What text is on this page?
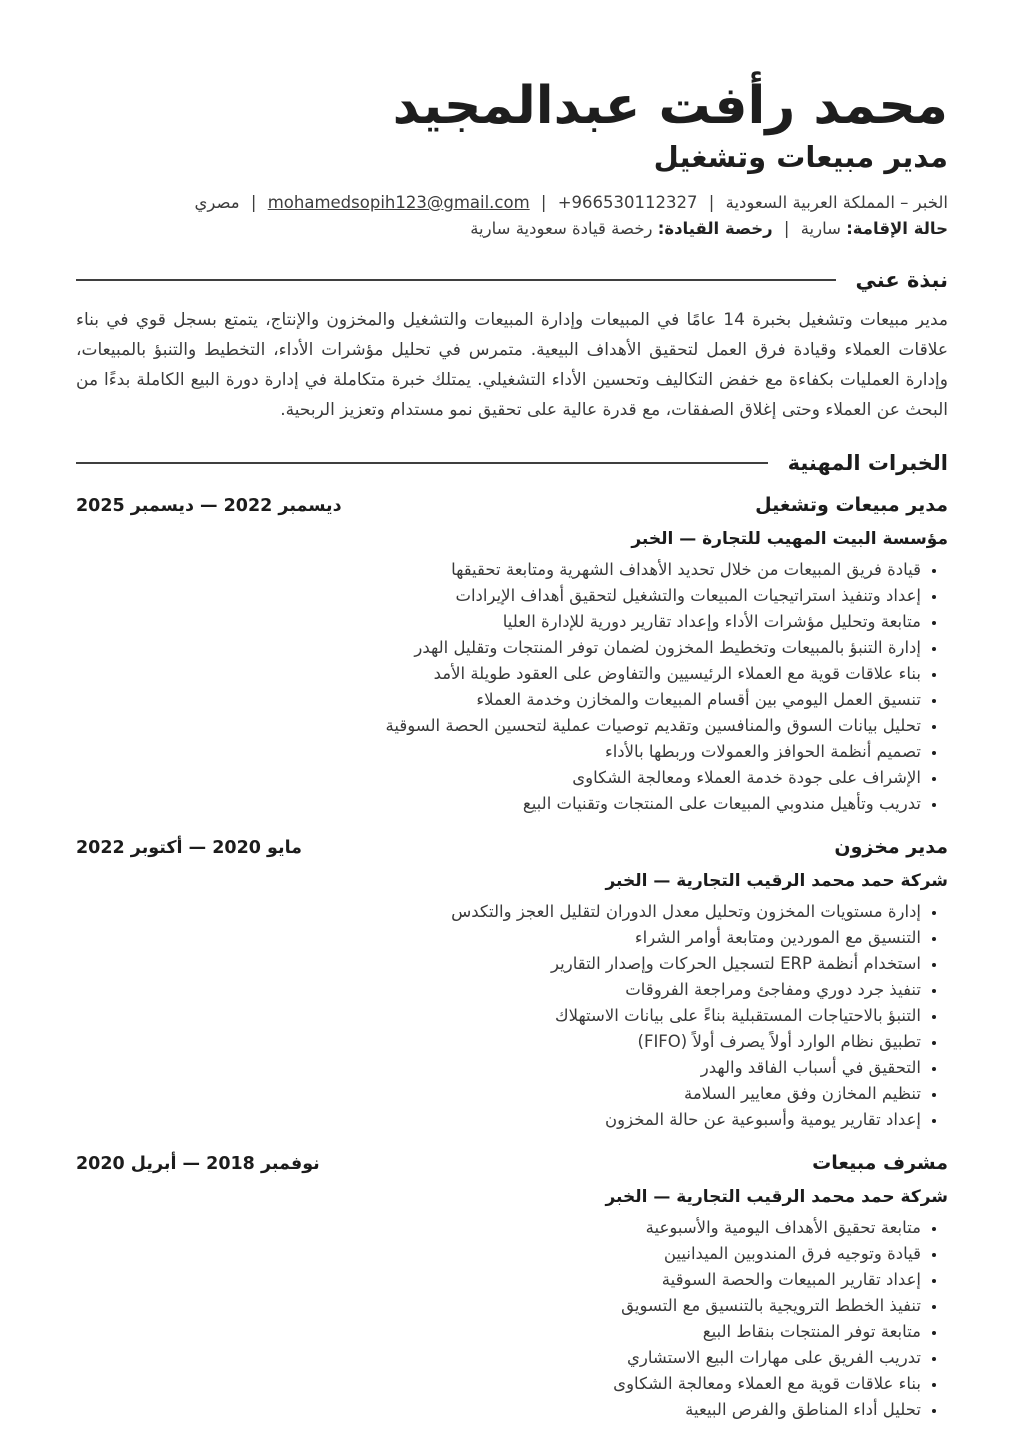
محمد رأفت عبدالمجيد
مدير مبيعات وتشغيل
الخبر – المملكة العربية السعودية | +966530112327 | mohamedsopih123@gmail.com | مصري
حالة الإقامة: سارية | رخصة القيادة: رخصة قيادة سعودية سارية
نبذة عني

مدير مبيعات وتشغيل بخبرة 14 عامًا في المبيعات وإدارة المبيعات والتشغيل والمخزون والإنتاج، يتمتع بسجل قوي في بناء علاقات العملاء وقيادة فرق العمل لتحقيق الأهداف البيعية. متمرس في تحليل مؤشرات الأداء، التخطيط والتنبؤ بالمبيعات، وإدارة العمليات بكفاءة مع خفض التكاليف وتحسين الأداء التشغيلي. يمتلك خبرة متكاملة في إدارة دورة البيع الكاملة بدءًا من البحث عن العملاء وحتى إغلاق الصفقات، مع قدرة عالية على تحقيق نمو مستدام وتعزيز الربحية.

الخبرات المهنية
مدير مبيعات وتشغيل
ديسمبر 2022 — ديسمبر 2025
مؤسسة البيت المهيب للتجارة — الخبر
• قيادة فريق المبيعات من خلال تحديد الأهداف الشهرية ومتابعة تحقيقها
• إعداد وتنفيذ استراتيجيات المبيعات والتشغيل لتحقيق أهداف الإيرادات
• متابعة وتحليل مؤشرات الأداء وإعداد تقارير دورية للإدارة العليا
• إدارة التنبؤ بالمبيعات وتخطيط المخزون لضمان توفر المنتجات وتقليل الهدر
• بناء علاقات قوية مع العملاء الرئيسيين والتفاوض على العقود طويلة الأمد
• تنسيق العمل اليومي بين أقسام المبيعات والمخازن وخدمة العملاء
• تحليل بيانات السوق والمنافسين وتقديم توصيات عملية لتحسين الحصة السوقية
• تصميم أنظمة الحوافز والعمولات وربطها بالأداء
• الإشراف على جودة خدمة العملاء ومعالجة الشكاوى
• تدريب وتأهيل مندوبي المبيعات على المنتجات وتقنيات البيع
مدير مخزون
مايو 2020 — أكتوبر 2022
شركة حمد محمد الرقيب التجارية — الخبر
• إدارة مستويات المخزون وتحليل معدل الدوران لتقليل العجز والتكدس
• التنسيق مع الموردين ومتابعة أوامر الشراء
• استخدام أنظمة ERP لتسجيل الحركات وإصدار التقارير
• تنفيذ جرد دوري ومفاجئ ومراجعة الفروقات
• التنبؤ بالاحتياجات المستقبلية بناءً على بيانات الاستهلاك
• تطبيق نظام الوارد أولاً يصرف أولاً (FIFO)
• التحقيق في أسباب الفاقد والهدر
• تنظيم المخازن وفق معايير السلامة
• إعداد تقارير يومية وأسبوعية عن حالة المخزون
مشرف مبيعات
نوفمبر 2018 — أبريل 2020
شركة حمد محمد الرقيب التجارية — الخبر
• متابعة تحقيق الأهداف اليومية والأسبوعية
• قيادة وتوجيه فرق المندوبين الميدانيين
• إعداد تقارير المبيعات والحصة السوقية
• تنفيذ الخطط الترويجية بالتنسيق مع التسويق
• متابعة توفر المنتجات بنقاط البيع
• تدريب الفريق على مهارات البيع الاستشاري
• بناء علاقات قوية مع العملاء ومعالجة الشكاوى
• تحليل أداء المناطق والفرص البيعية
